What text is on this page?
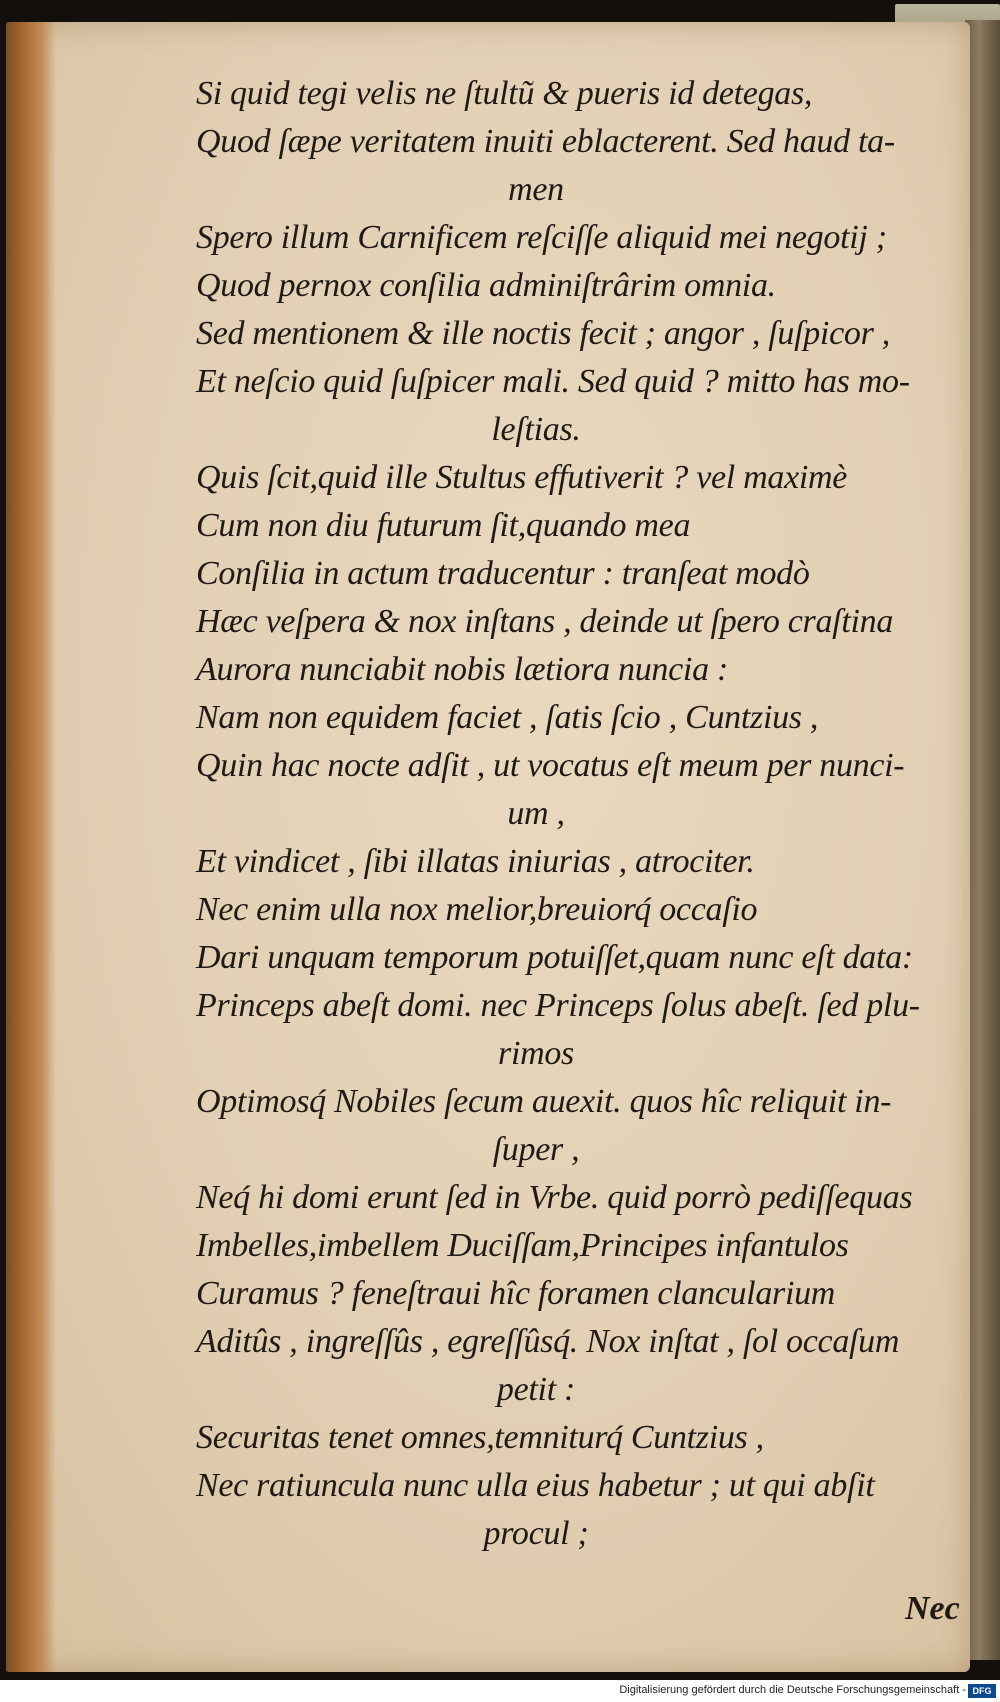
Si quid tegi velis ne ſtultũ & pueris id detegas,
Quod ſæpe veritatem inuiti eblacterent. Sed haud ta-
men
Spero illum Carnificem reſciſſe aliquid mei negotij ;
Quod pernox conſilia adminiſtrârim omnia.
Sed mentionem & ille noctis fecit ; angor , ſuſpicor ,
Et neſcio quid ſuſpicer mali. Sed quid ? mitto has mo-
leſtias.
Quis ſcit,quid ille Stultus effutiverit ? vel maximè
Cum non diu futurum ſit,quando mea
Conſilia in actum traducentur : tranſeat modò
Hæc veſpera & nox inſtans , deinde ut ſpero craſtina
Aurora nunciabit nobis lætiora nuncia :
Nam non equidem faciet , ſatis ſcio , Cuntzius ,
Quin hac nocte adſit , ut vocatus eſt meum per nunci-
um ,
Et vindicet , ſibi illatas iniurias , atrociter.
Nec enim ulla nox melior,breuiorq́ occaſio
Dari unquam temporum potuiſſet,quam nunc eſt data:
Princeps abeſt domi. nec Princeps ſolus abeſt. ſed plu-
rimos
Optimosq́ Nobiles ſecum auexit. quos hîc reliquit in-
ſuper ,
Neq́ hi domi erunt ſed in Vrbe. quid porrò pediſſequas
Imbelles,imbellem Duciſſam,Principes infantulos
Curamus ? feneſtraui hîc foramen clancularium
Aditûs , ingreſſûs , egreſſûsq́. Nox inſtat , ſol occaſum
petit :
Securitas tenet omnes,temniturq́ Cuntzius ,
Nec ratiuncula nunc ulla eius habetur ; ut qui abſit
procul ;
Nec
Digitalisierung gefördert durch die Deutsche Forschungsgemeinschaft - DFG
